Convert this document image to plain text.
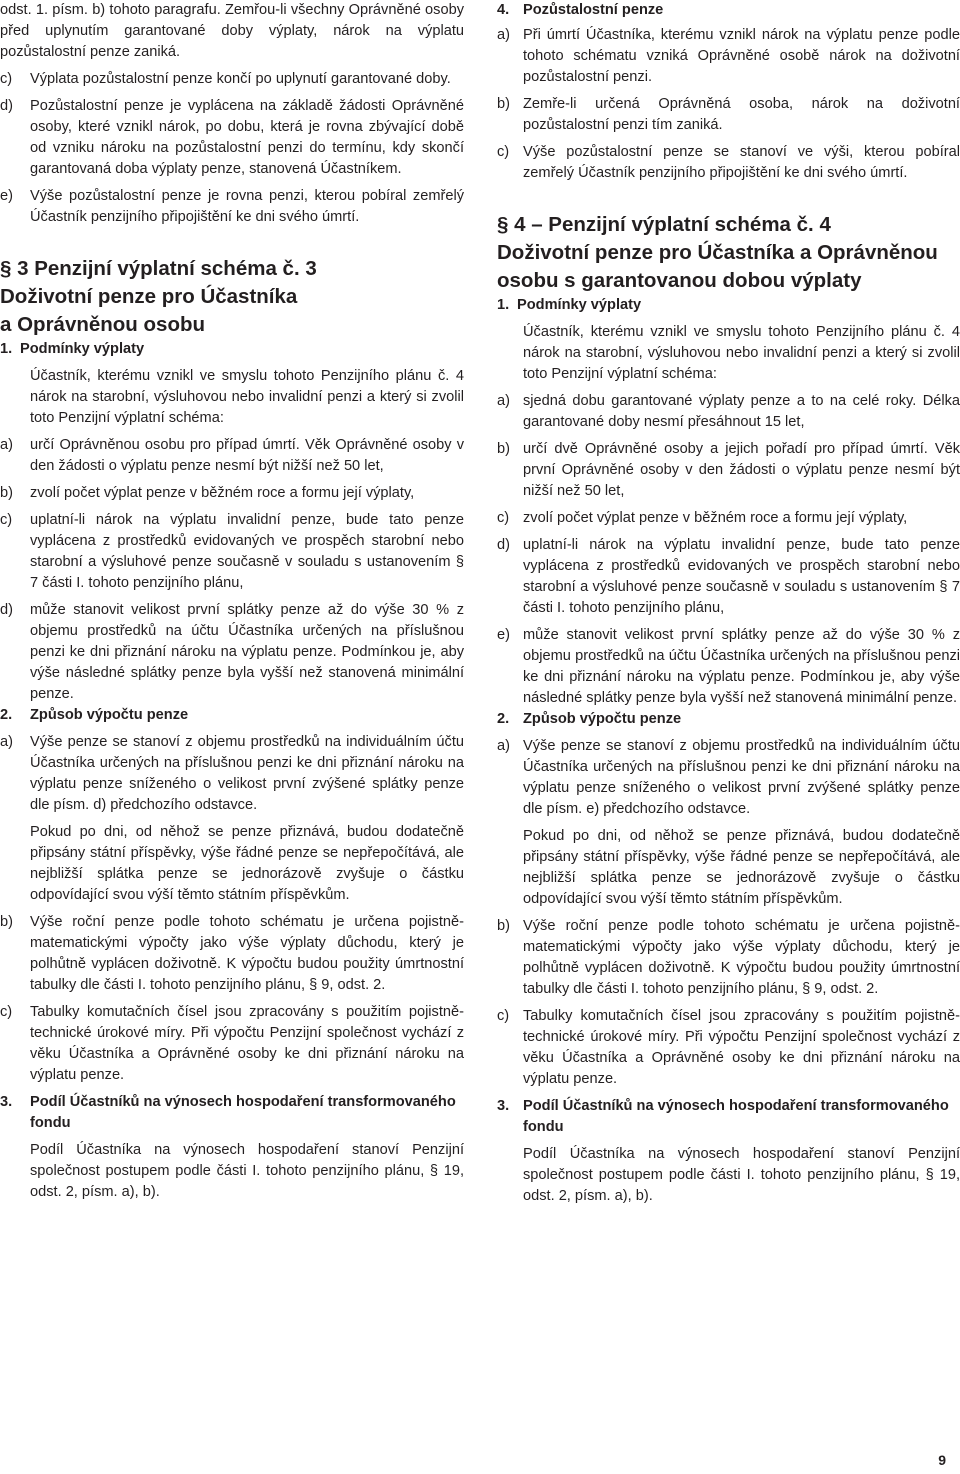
odst. 1. písm. b) tohoto paragrafu. Zemřou-li všechny Oprávněné osoby před uplynutím garantované doby výplaty, nárok na výplatu pozůstalostní penze zaniká.

c)	Výplata pozůstalostní penze končí po uplynutí garantované doby.
d)	Pozůstalostní penze je vyplácena na základě žádosti Oprávněné osoby, které vznikl nárok, po dobu, která je rovna zbývající době od vzniku nároku na pozůstalostní penzi do termínu, kdy skončí garantovaná doba výplaty penze, stanovená Účastníkem.
e)	Výše pozůstalostní penze je rovna penzi, kterou pobíral zemřelý Účastník penzijního připojištění ke dni svého úmrtí.
§ 3 Penzijní výplatní schéma č. 3
Doživotní penze pro Účastníka
a Oprávněnou osobu
1. Podmínky výplaty

Účastník, kterému vznikl ve smyslu tohoto Penzijního plánu č. 4 nárok na starobní, výsluhovou nebo invalidní penzi a který si zvolil toto Penzijní výplatní schéma:

a)	určí Oprávněnou osobu pro případ úmrtí. Věk Oprávněné osoby v den žádosti o výplatu penze nesmí být nižší než 50 let,
b)	zvolí počet výplat penze v běžném roce a formu její výplaty,
c)	uplatní-li nárok na výplatu invalidní penze, bude tato penze vyplácena z prostředků evidovaných ve prospěch starobní nebo starobní a výsluhové penze současně v souladu s ustanovením § 7 části I. tohoto penzijního plánu,
d)	může stanovit velikost první splátky penze až do výše 30 % z objemu prostředků na účtu Účastníka určených na příslušnou penzi ke dni přiznání nároku na výplatu penze. Podmínkou je, aby výše následné splátky penze byla vyšší než stanovená minimální penze.
2.	Způsob výpočtu penze
a)	Výše penze se stanoví z objemu prostředků na individuálním účtu Účastníka určených na příslušnou penzi ke dni přiznání nároku na výplatu penze sníženého o velikost první zvýšené splátky penze dle písm. d) předchozího odstavce.

Pokud po dni, od něhož se penze přiznává, budou dodatečně připsány státní příspěvky, výše řádné penze se nepřepočítává, ale nejbližší splátka penze se jednorázově zvyšuje o částku odpovídající svou výší těmto státním příspěvkům.

b)	Výše roční penze podle tohoto schématu je určena pojistně-matematickými výpočty jako výše výplaty důchodu, který je polhůtně vyplácen doživotně. K výpočtu budou použity úmrtnostní tabulky dle části I. tohoto penzijního plánu, § 9, odst. 2.
c)	Tabulky komutačních čísel jsou zpracovány s použitím pojistně-technické úrokové míry. Při výpočtu Penzijní společnost vychází z věku Účastníka a Oprávněné osoby ke dni přiznání nároku na výplatu penze.
3.	Podíl Účastníků na výnosech hospodaření transformovaného fondu

Podíl Účastníka na výnosech hospodaření stanoví Penzijní společnost postupem podle části I. tohoto penzijního plánu, § 19, odst. 2, písm. a), b).

4. Pozůstalostní penze
a) Při úmrtí Účastníka, kterému vznikl nárok na výplatu penze podle tohoto schématu vzniká Oprávněné osobě nárok na doživotní pozůstalostní penzi.
b) Zemře-li určená Oprávněná osoba, nárok na doživotní pozůstalostní penzi tím zaniká.
c) Výše pozůstalostní penze se stanoví ve výši, kterou pobíral zemřelý Účastník penzijního připojištění ke dni svého úmrtí.
§ 4 – Penzijní výplatní schéma č. 4
Doživotní penze pro Účastníka a Oprávněnou
osobu s garantovanou dobou výplaty
1. Podmínky výplaty

Účastník, kterému vznikl ve smyslu tohoto Penzijního plánu č. 4 nárok na starobní, výsluhovou nebo invalidní penzi a který si zvolil toto Penzijní výplatní schéma:

a) sjedná dobu garantované výplaty penze a to na celé roky. Délka garantované doby nesmí přesáhnout 15 let,
b) určí dvě Oprávněné osoby a jejich pořadí pro případ úmrtí. Věk první Oprávněné osoby v den žádosti o výplatu penze nesmí být nižší než 50 let,
c) zvolí počet výplat penze v běžném roce a formu její výplaty,
d) uplatní-li nárok na výplatu invalidní penze, bude tato penze vyplácena z prostředků evidovaných ve prospěch starobní nebo starobní a výsluhové penze současně v souladu s ustanovením § 7 části I. tohoto penzijního plánu,
e) může stanovit velikost první splátky penze až do výše 30 % z objemu prostředků na účtu Účastníka určených na příslušnou penzi ke dni přiznání nároku na výplatu penze. Podmínkou je, aby výše následné splátky penze byla vyšší než stanovená minimální penze.
2. Způsob výpočtu penze
a) Výše penze se stanoví z objemu prostředků na individuálním účtu Účastníka určených na příslušnou penzi ke dni přiznání nároku na výplatu penze sníženého o velikost první zvýšené splátky penze dle písm. e) předchozího odstavce.

Pokud po dni, od něhož se penze přiznává, budou dodatečně připsány státní příspěvky, výše řádné penze se nepřepočítává, ale nejbližší splátka penze se jednorázově zvyšuje o částku odpovídající svou výší těmto státním příspěvkům.

b) Výše roční penze podle tohoto schématu je určena pojistně-matematickými výpočty jako výše výplaty důchodu, který je polhůtně vyplácen doživotně. K výpočtu budou použity úmrtnostní tabulky dle části I. tohoto penzijního plánu, § 9, odst. 2.
c) Tabulky komutačních čísel jsou zpracovány s použitím pojistně-technické úrokové míry. Při výpočtu Penzijní společnost vychází z věku Účastníka a Oprávněné osoby ke dni přiznání nároku na výplatu penze.
3. Podíl Účastníků na výnosech hospodaření transformovaného fondu

Podíl Účastníka na výnosech hospodaření stanoví Penzijní společnost postupem podle části I. tohoto penzijního plánu, § 19, odst. 2, písm. a), b).

9
